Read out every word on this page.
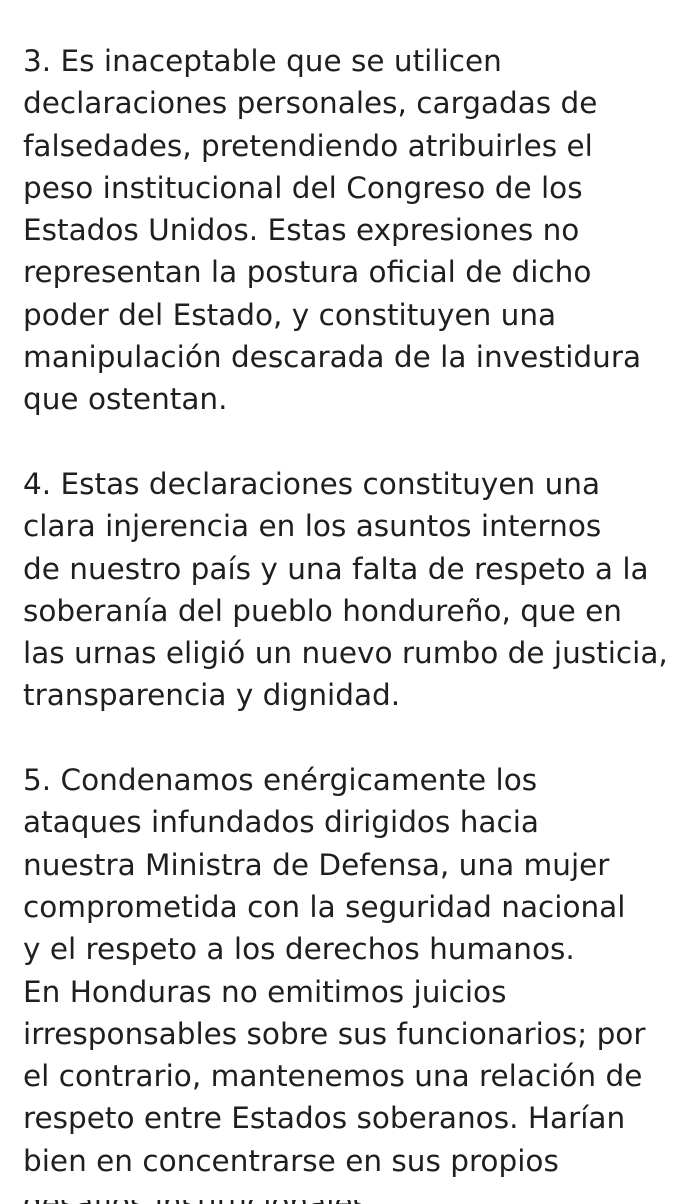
3. Es inaceptable que se utilicen
declaraciones personales, cargadas de
falsedades, pretendiendo atribuirles el
peso institucional del Congreso de los
Estados Unidos. Estas expresiones no
representan la postura oficial de dicho
poder del Estado, y constituyen una
manipulación descarada de la investidura
que ostentan.
4. Estas declaraciones constituyen una
clara injerencia en los asuntos internos
de nuestro país y una falta de respeto a la
soberanía del pueblo hondureño, que en
las urnas eligió un nuevo rumbo de justicia,
transparencia y dignidad.
5. Condenamos enérgicamente los
ataques infundados dirigidos hacia
nuestra Ministra de Defensa, una mujer
comprometida con la seguridad nacional
y el respeto a los derechos humanos.
En Honduras no emitimos juicios
irresponsables sobre sus funcionarios; por
el contrario, mantenemos una relación de
respeto entre Estados soberanos. Harían
bien en concentrarse en sus propios
